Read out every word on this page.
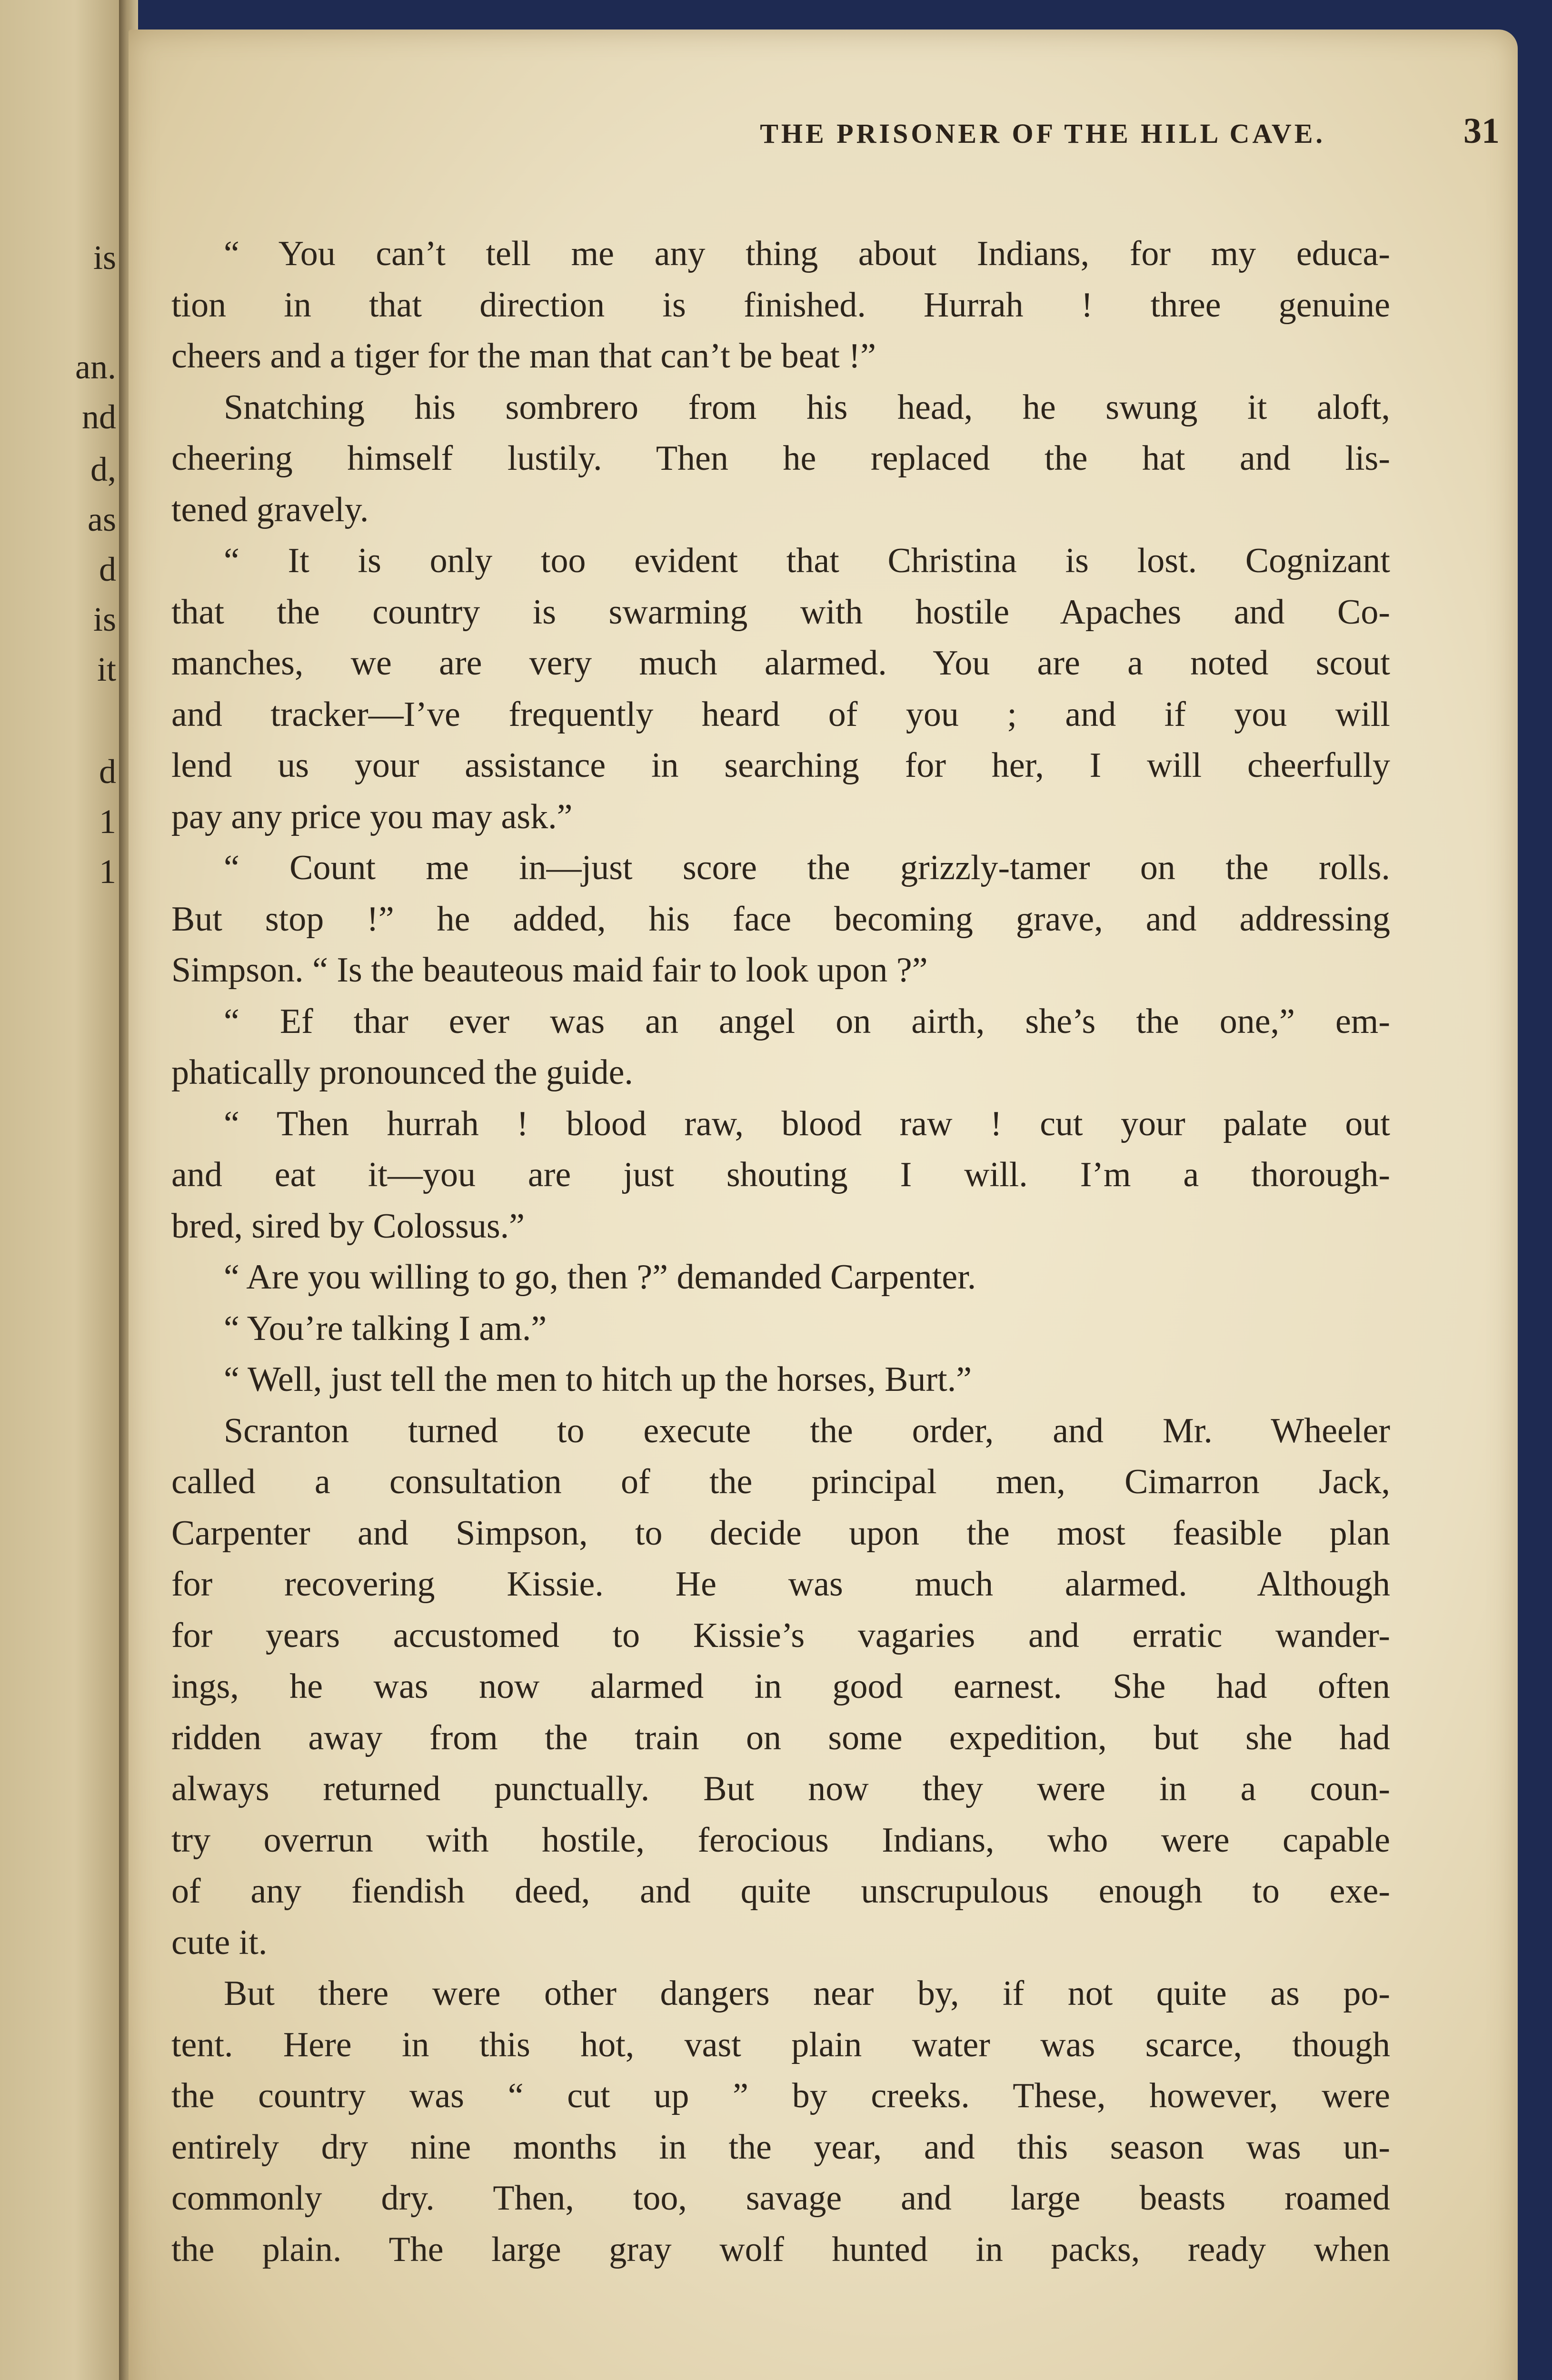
is
an.
nd
d,
as
d
is
it
d
1
1
THE PRISONER OF THE HILL CAVE.	31
“ You can’t tell me any thing about Indians, for my educa-
tion in that direction is finished. Hurrah ! three genuine
cheers and a tiger for the man that can’t be beat !”
Snatching his sombrero from his head, he swung it aloft,
cheering himself lustily. Then he replaced the hat and lis-
tened gravely.
“ It is only too evident that Christina is lost. Cognizant
that the country is swarming with hostile Apaches and Co-
manches, we are very much alarmed. You are a noted scout
and tracker—I’ve frequently heard of you ; and if you will
lend us your assistance in searching for her, I will cheerfully
pay any price you may ask.”
“ Count me in—just score the grizzly-tamer on the rolls.
But stop !” he added, his face becoming grave, and addressing
Simpson. “ Is the beauteous maid fair to look upon ?”
“ Ef thar ever was an angel on airth, she’s the one,” em-
phatically pronounced the guide.
“ Then hurrah ! blood raw, blood raw ! cut your palate out
and eat it—you are just shouting I will. I’m a thorough-
bred, sired by Colossus.”
“ Are you willing to go, then ?” demanded Carpenter.
“ You’re talking I am.”
“ Well, just tell the men to hitch up the horses, Burt.”
Scranton turned to execute the order, and Mr. Wheeler
called a consultation of the principal men, Cimarron Jack,
Carpenter and Simpson, to decide upon the most feasible plan
for recovering Kissie. He was much alarmed. Although
for years accustomed to Kissie’s vagaries and erratic wander-
ings, he was now alarmed in good earnest. She had often
ridden away from the train on some expedition, but she had
always returned punctually. But now they were in a coun-
try overrun with hostile, ferocious Indians, who were capable
of any fiendish deed, and quite unscrupulous enough to exe-
cute it.
But there were other dangers near by, if not quite as po-
tent. Here in this hot, vast plain water was scarce, though
the country was “ cut up ” by creeks. These, however, were
entirely dry nine months in the year, and this season was un-
commonly dry. Then, too, savage and large beasts roamed
the plain. The large gray wolf hunted in packs, ready when
